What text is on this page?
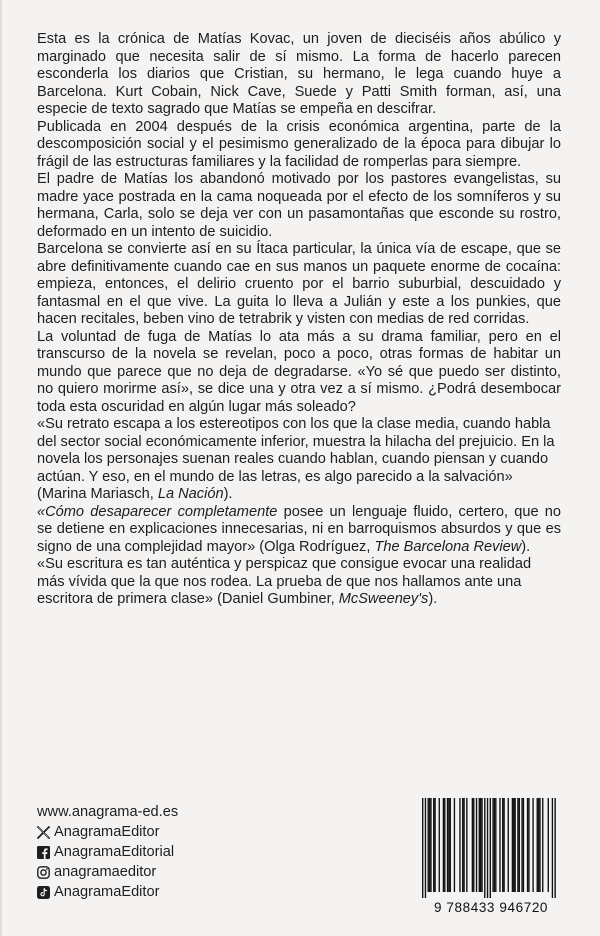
Esta es la crónica de Matías Kovac, un joven de dieciséis años abúlico y marginado que necesita salir de sí mismo. La forma de hacerlo parecen esconderla los diarios que Cristian, su hermano, le lega cuando huye a Barcelona. Kurt Cobain, Nick Cave, Suede y Patti Smith forman, así, una especie de texto sagrado que Matías se empeña en descifrar.

Publicada en 2004 después de la crisis económica argentina, parte de la descomposición social y el pesimismo generalizado de la época para dibujar lo frágil de las estructuras familiares y la facilidad de romperlas para siempre.

El padre de Matías los abandonó motivado por los pastores evangelistas, su madre yace postrada en la cama noqueada por el efecto de los somníferos y su hermana, Carla, solo se deja ver con un pasamontañas que esconde su rostro, deformado en un intento de suicidio.

Barcelona se convierte así en su Ítaca particular, la única vía de escape, que se abre definitivamente cuando cae en sus manos un paquete enorme de cocaína: empieza, entonces, el delirio cruento por el barrio suburbial, descuidado y fantasmal en el que vive. La guita lo lleva a Julián y este a los punkies, que hacen recitales, beben vino de tetrabrik y visten con medias de red corridas.

La voluntad de fuga de Matías lo ata más a su drama familiar, pero en el transcurso de la novela se revelan, poco a poco, otras formas de habitar un mundo que parece que no deja de degradarse. «Yo sé que puedo ser distinto, no quiero morirme así», se dice una y otra vez a sí mismo. ¿Podrá desembocar toda esta oscuridad en algún lugar más soleado?

«Su retrato escapa a los estereotipos con los que la clase media, cuando habla del sector social económicamente inferior, muestra la hilacha del prejuicio. En la novela los personajes suenan reales cuando hablan, cuando piensan y cuando actúan. Y eso, en el mundo de las letras, es algo parecido a la salvación» (Marina Mariasch, La Nación).

«Cómo desaparecer completamente posee un lenguaje fluido, certero, que no se detiene en explicaciones innecesarias, ni en barroquismos absurdos y que es signo de una complejidad mayor» (Olga Rodríguez, The Barcelona Review).

«Su escritura es tan auténtica y perspicaz que consigue evocar una realidad más vívida que la que nos rodea. La prueba de que nos hallamos ante una escritora de primera clase» (Daniel Gumbiner, McSweeney's).

www.anagrama-ed.es
AnagramaEditor
AnagramaEditorial
anagramaeditor
AnagramaEditor
9 788433 946720
